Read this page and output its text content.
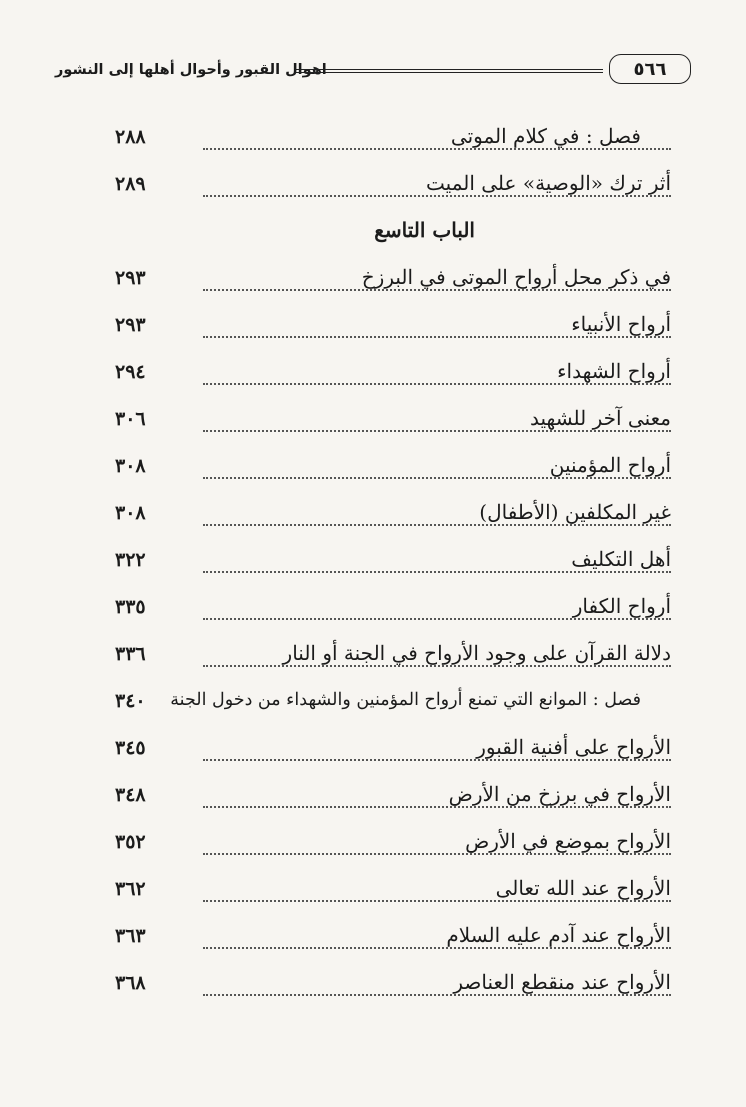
اهوال القبور وأحوال أهلها إلى النشور	٥٦٦
فصل : في كلام الموتى
٢٨٨
أثر ترك «الوصية» على الميت
٢٨٩
الباب التاسع
في ذكر محل أرواح الموتى في البرزخ
٢٩٣
أرواح الأنبياء
٢٩٣
أرواح الشهداء
٢٩٤
معنى آخر للشهيد
٣٠٦
أرواح المؤمنين
٣٠٨
غير المكلفين (الأطفال)
٣٠٨
أهل التكليف
٣٢٢
أرواح الكفار
٣٣٥
دلالة القرآن على وجود الأرواح في الجنة أو النار
٣٣٦
فصل : الموانع التي تمنع أرواح المؤمنين والشهداء من دخول الجنة
٣٤٠
الأرواح على أفنية القبور
٣٤٥
الأرواح في برزخ من الأرض
٣٤٨
الأرواح بموضع في الأرض
٣٥٢
الأرواح عند الله تعالى
٣٦٢
الأرواح عند آدم عليه السلام
٣٦٣
الأرواح عند منقطع العناصر
٣٦٨
